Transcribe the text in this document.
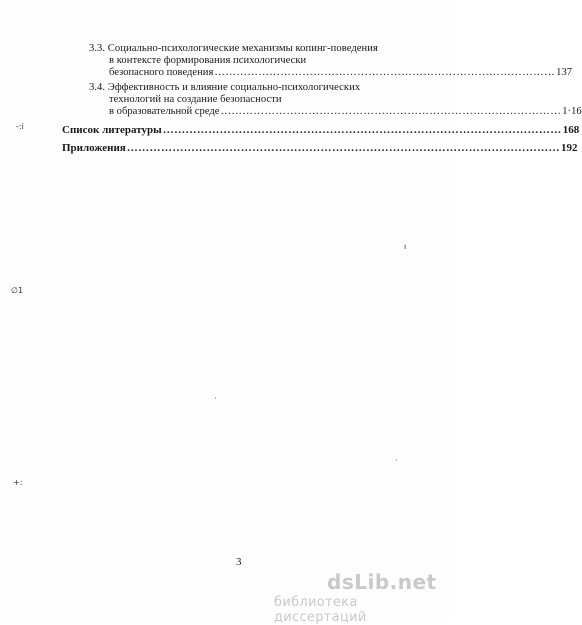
3.3. Социально-психологические механизмы копинг-поведения
в контексте формирования психологически
безопасного поведения ………………………………………………………………………………… 137
3.4. Эффективность и влияние социально-психологических
технологий на создание безопасности
в образовательной среде ………………………………………………………………………………… 1·16
Список литературы …………………………………………………………………………………………… 168
Приложения …………………………………………………………………………………………………… 192
-:i
∅1
+:
ı
·
·
3
dsLib.net
библиотека диссертаций
